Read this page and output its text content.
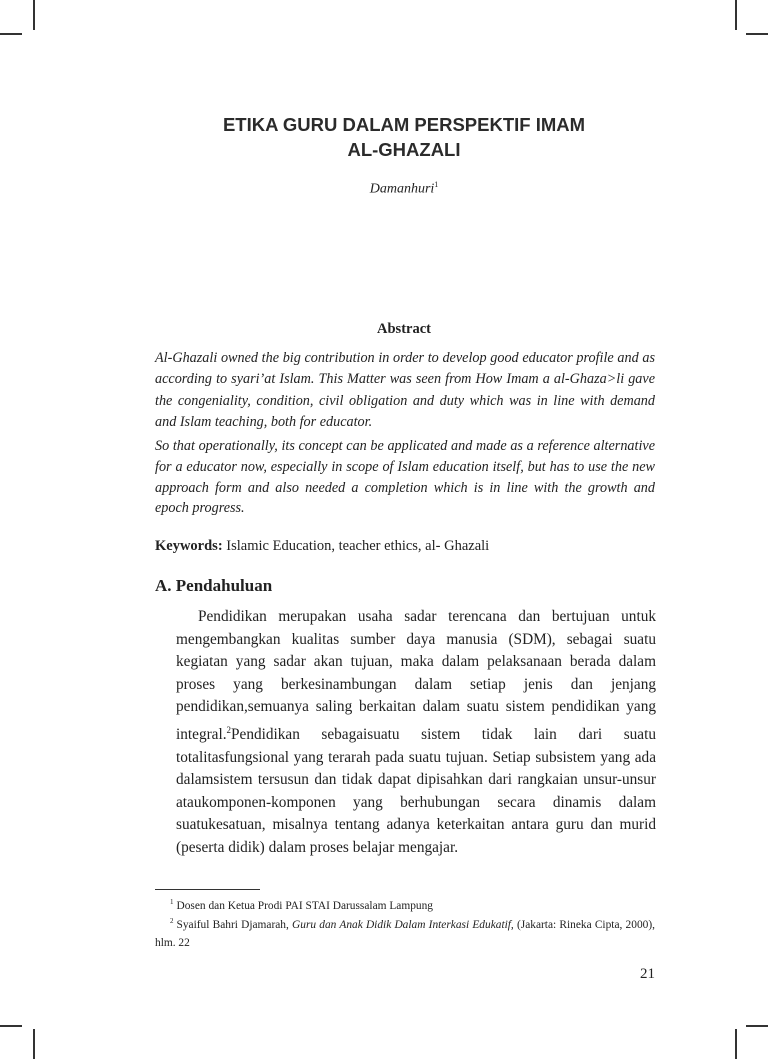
ETIKA GURU DALAM PERSPEKTIF IMAM
AL-GHAZALI
Damanhuri$^1$
Abstract

Al-Ghazali owned the big contribution in order to develop good educator profile and as according to syari’at Islam. This Matter was seen from How Imam a al-Ghaza>li gave the congeniality, condition, civil obligation and duty which was in line with demand and Islam teaching, both for educator.

So that operationally, its concept can be applicated and made as a reference alternative for a educator now, especially in scope of Islam education itself, but has to use the new approach form and also needed a completion which is in line with the growth and epoch progress.

Keywords: Islamic Education, teacher ethics, al- Ghazali
A. Pendahuluan

Pendidikan merupakan usaha sadar terencana dan bertujuan untuk mengembangkan kualitas sumber daya manusia (SDM), sebagai suatu kegiatan yang sadar akan tujuan, maka dalam pelaksanaan berada dalam proses yang berkesinambungan dalam setiap jenis dan jenjang pendidikan,semuanya saling berkaitan dalam suatu sistem pendidikan yang integral.$^2$Pendidikan sebagaisuatu sistem tidak lain dari suatu totalitasfungsional yang terarah pada suatu tujuan. Setiap subsistem yang ada dalamsistem tersusun dan tidak dapat dipisahkan dari rangkaian unsur-unsur ataukomponen-komponen yang berhubungan secara dinamis dalam suatukesatuan, misalnya tentang adanya keterkaitan antara guru dan murid (peserta didik) dalam proses belajar mengajar.

$^1$ Dosen dan Ketua Prodi PAI STAI Darussalam Lampung

$^2$ Syaiful Bahri Djamarah, Guru dan Anak Didik Dalam Interkasi Edukatif, (Jakarta: Rineka Cipta, 2000), hlm. 22

21
